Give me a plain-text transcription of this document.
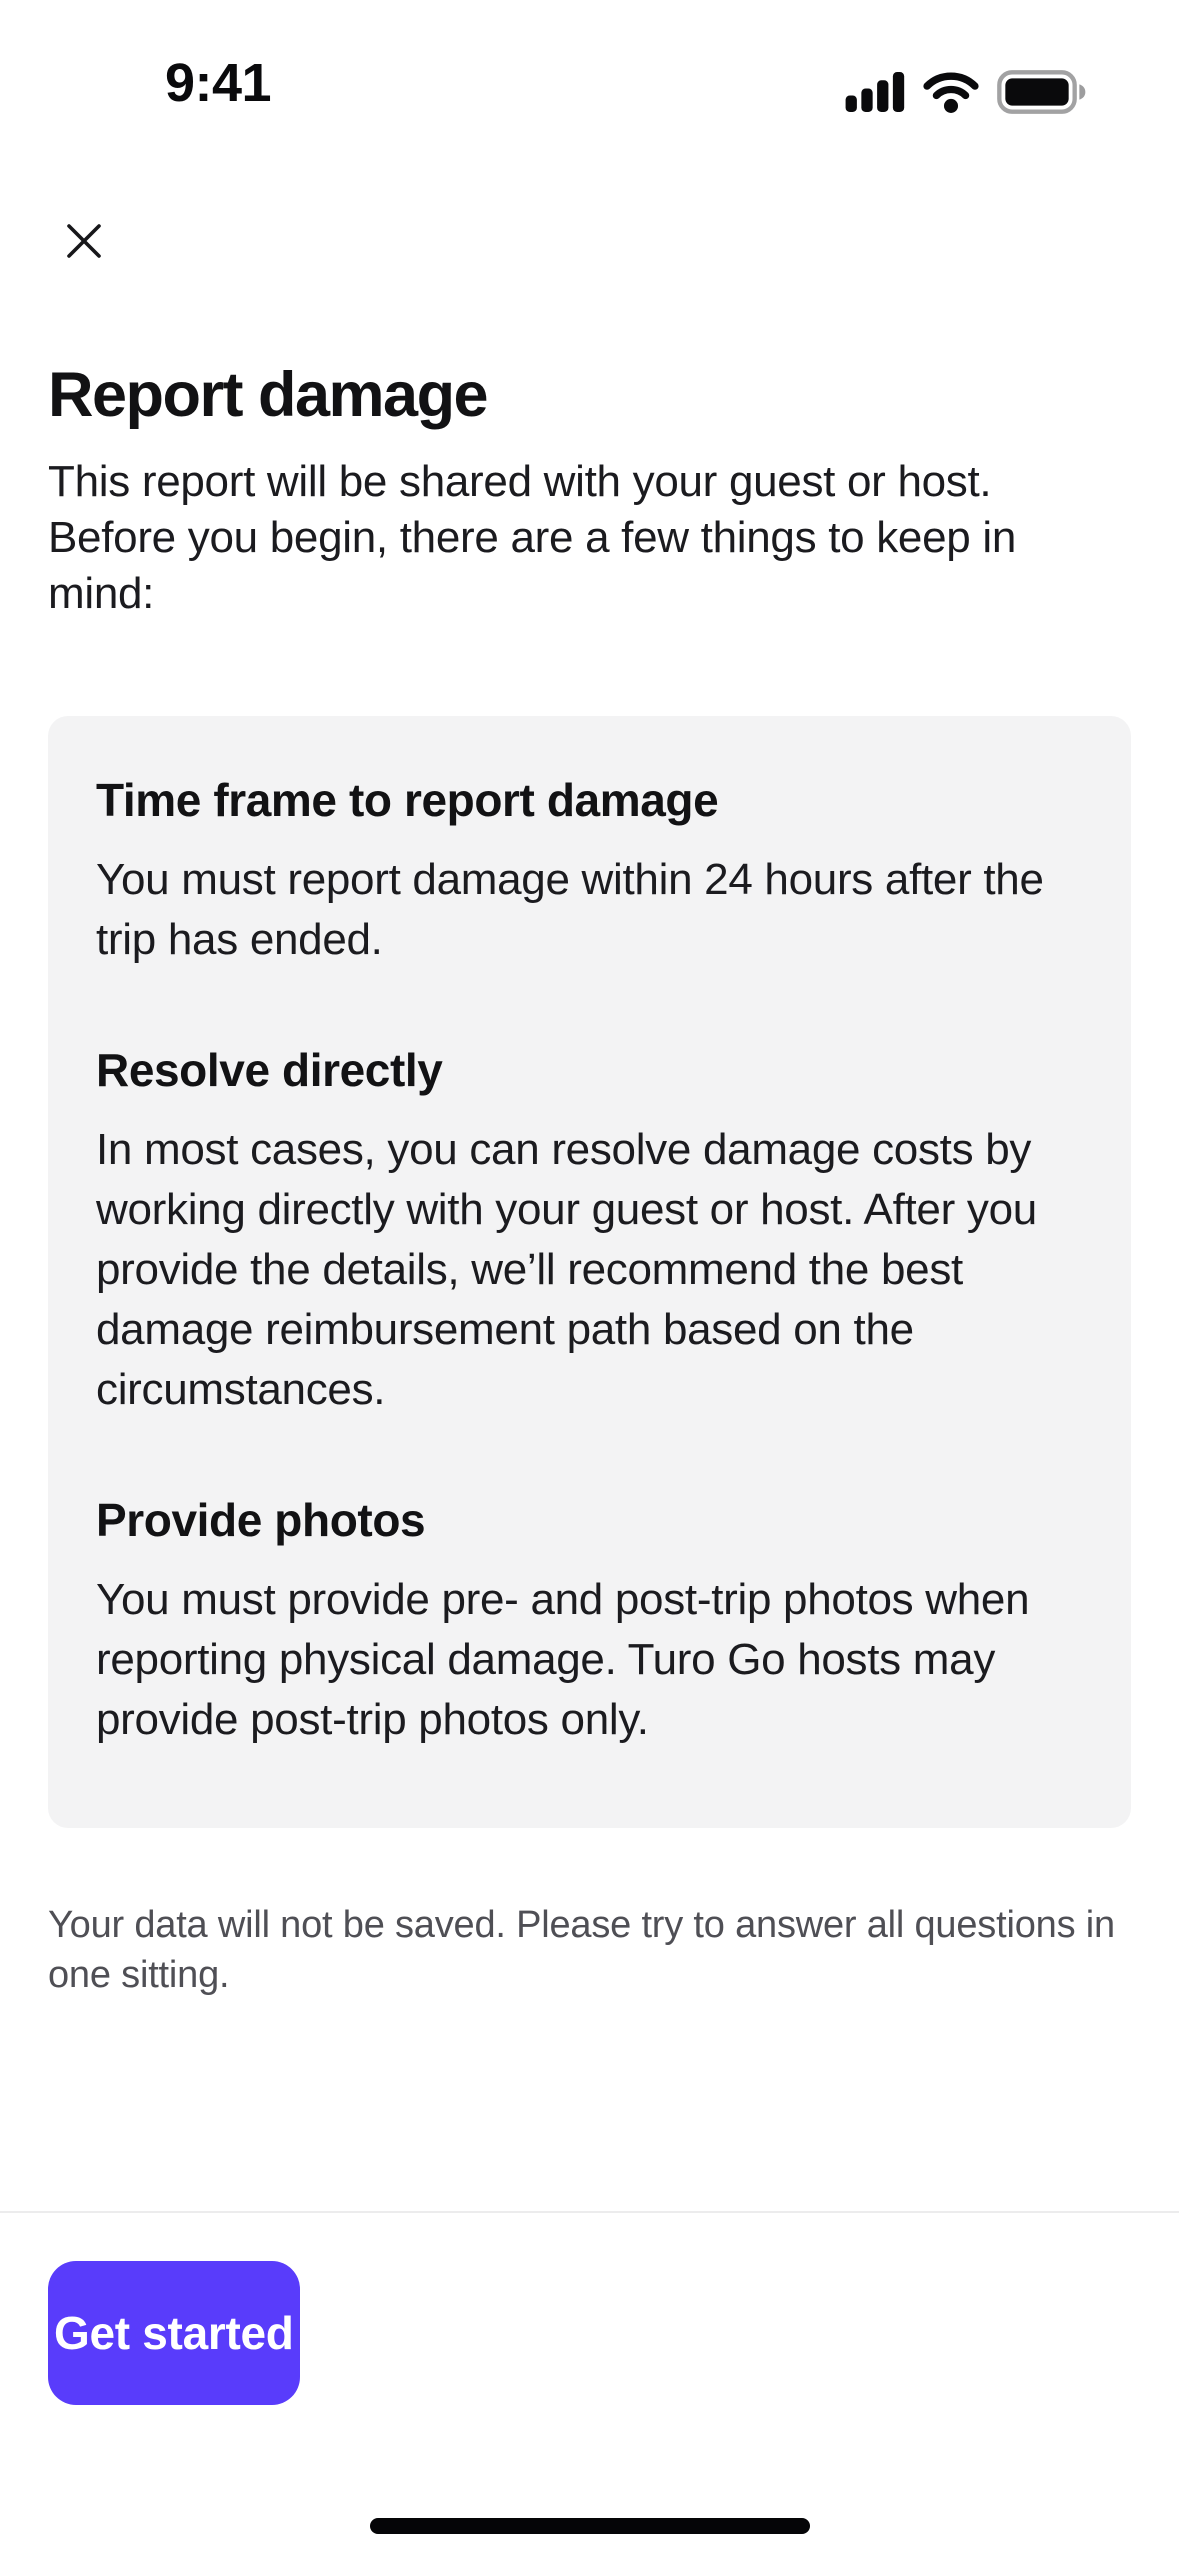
9:41
Report damage

This report will be shared with your guest or host. Before you begin, there are a few things to keep in mind:

Time frame to report damage

You must report damage within 24 hours after the trip has ended.

Resolve directly

In most cases, you can resolve damage costs by working directly with your guest or host. After you provide the details, we’ll recommend the best damage reimbursement path based on the circumstances.

Provide photos

You must provide pre- and post-trip photos when reporting physical damage. Turo Go hosts may provide post-trip photos only.

Your data will not be saved. Please try to answer all questions in one sitting.

Get started
